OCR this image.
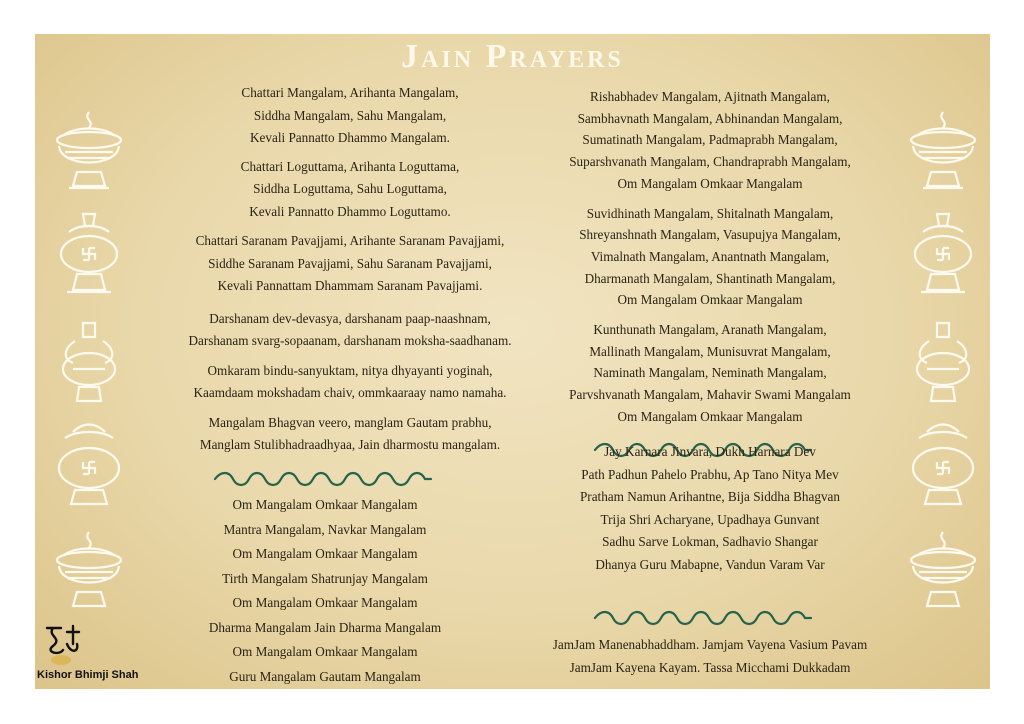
Jain Prayers
Chattari Mangalam, Arihanta Mangalam,
Siddha Mangalam, Sahu Mangalam,
Kevali Pannatto Dhammo Mangalam.
Chattari Loguttama, Arihanta Loguttama,
Siddha Loguttama, Sahu Loguttama,
Kevali Pannatto Dhammo Loguttamo.
Chattari Saranam Pavajjami, Arihante Saranam Pavajjami,
Siddhe Saranam Pavajjami, Sahu Saranam Pavajjami,
Kevali Pannattam Dhammam Saranam Pavajjami.
Darshanam dev-devasya, darshanam paap-naashnam,
Darshanam svarg-sopaanam, darshanam moksha-saadhanam.
Omkaram bindu-sanyuktam, nitya dhyayanti yoginah,
Kaamdaam mokshadam chaiv, ommkaaraay namo namaha.
Mangalam Bhagvan veero, manglam Gautam prabhu,
Manglam Stulibhadraadhyaa, Jain dharmostu mangalam.
Om Mangalam Omkaar Mangalam
Mantra Mangalam, Navkar Mangalam
Om Mangalam Omkaar Mangalam
Tirth Mangalam Shatrunjay Mangalam
Om Mangalam Omkaar Mangalam
Dharma Mangalam Jain Dharma Mangalam
Om Mangalam Omkaar Mangalam
Guru Mangalam Gautam Mangalam
Rishabhadev Mangalam, Ajitnath Mangalam,
Sambhavnath Mangalam, Abhinandan Mangalam,
Sumatinath Mangalam, Padmaprabh Mangalam,
Suparshvanath Mangalam, Chandraprabh Mangalam,
Om Mangalam Omkaar Mangalam
Suvidhinath Mangalam, Shitalnath Mangalam,
Shreyanshnath Mangalam, Vasupujya Mangalam,
Vimalnath Mangalam, Anantnath Mangalam,
Dharmanath Mangalam, Shantinath Mangalam,
Om Mangalam Omkaar Mangalam
Kunthunath Mangalam, Aranath Mangalam,
Mallinath Mangalam, Munisuvrat Mangalam,
Naminath Mangalam, Neminath Mangalam,
Parvshvanath Mangalam, Mahavir Swami Mangalam
Om Mangalam Omkaar Mangalam
Jay Karnara Jinvara, Dukh Harnara Dev
Path Padhun Pahelo Prabhu, Ap Tano Nitya Mev
Pratham Namun Arihantne, Bija Siddha Bhagvan
Trija Shri Acharyane, Upadhaya Gunvant
Sadhu Sarve Lokman, Sadhavio Shangar
Dhanya Guru Mabapne, Vandun Varam Var
JamJam Manenabhaddham. Jamjam Vayena Vasium Pavam
JamJam Kayena Kayam. Tassa Micchami Dukkadam
Kishor Bhimji Shah
